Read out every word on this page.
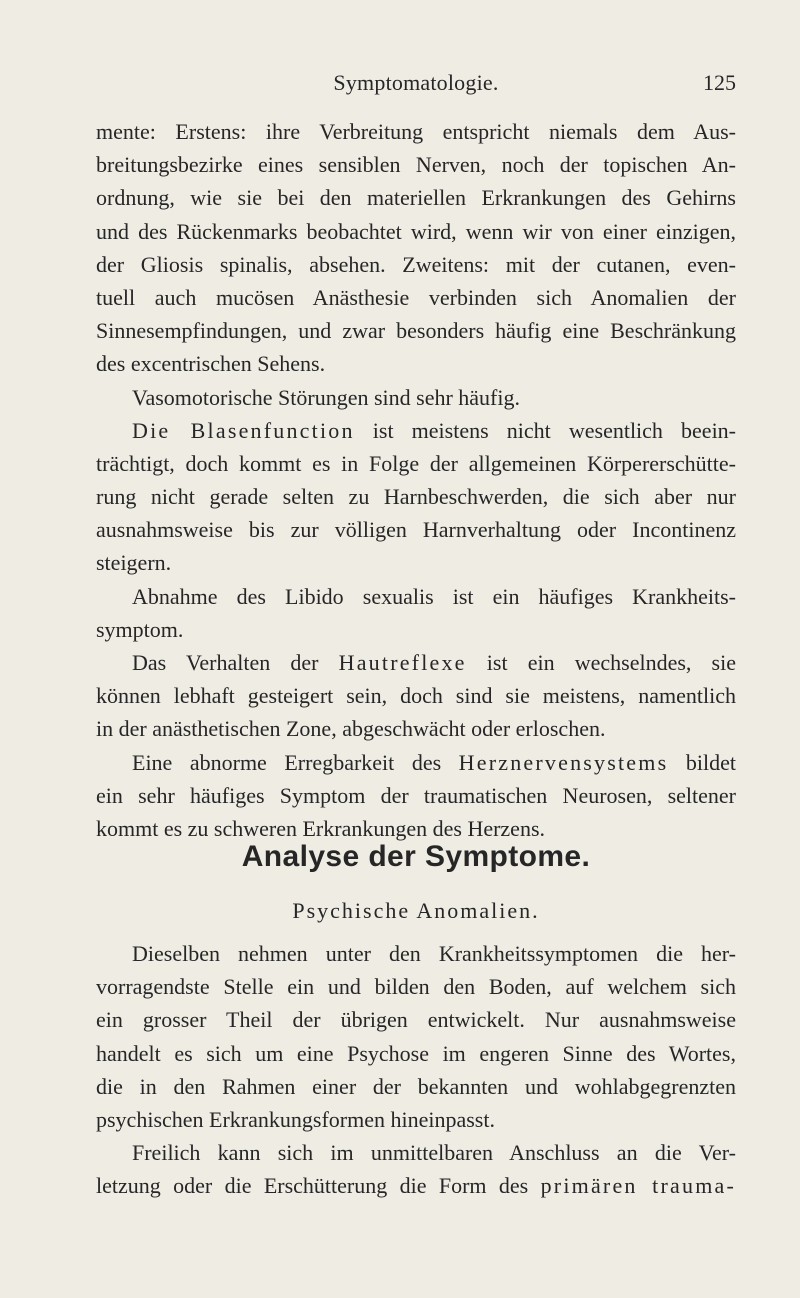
Symptomatologie.	125
mente: Erstens: ihre Verbreitung entspricht niemals dem Aus-
breitungsbezirke eines sensiblen Nerven, noch der topischen An-
ordnung, wie sie bei den materiellen Erkrankungen des Gehirns
und des Rückenmarks beobachtet wird, wenn wir von einer einzigen,
der Gliosis spinalis, absehen. Zweitens: mit der cutanen, even-
tuell auch mucösen Anästhesie verbinden sich Anomalien der
Sinnesempfindungen, und zwar besonders häufig eine Beschränkung
des excentrischen Sehens.
Vasomotorische Störungen sind sehr häufig.
Die Blasenfunction ist meistens nicht wesentlich beein-
trächtigt, doch kommt es in Folge der allgemeinen Körpererschütte-
rung nicht gerade selten zu Harnbeschwerden, die sich aber nur
ausnahmsweise bis zur völligen Harnverhaltung oder Incontinenz
steigern.
Abnahme des Libido sexualis ist ein häufiges Krankheits-
symptom.
Das Verhalten der Hautreflexe ist ein wechselndes, sie
können lebhaft gesteigert sein, doch sind sie meistens, namentlich
in der anästhetischen Zone, abgeschwächt oder erloschen.
Eine abnorme Erregbarkeit des Herznervensystems bildet
ein sehr häufiges Symptom der traumatischen Neurosen, seltener
kommt es zu schweren Erkrankungen des Herzens.
Analyse der Symptome.
Psychische Anomalien.
Dieselben nehmen unter den Krankheitssymptomen die her-
vorragendste Stelle ein und bilden den Boden, auf welchem sich
ein grosser Theil der übrigen entwickelt. Nur ausnahmsweise
handelt es sich um eine Psychose im engeren Sinne des Wortes,
die in den Rahmen einer der bekannten und wohlabgegrenzten
psychischen Erkrankungsformen hineinpasst.
Freilich kann sich im unmittelbaren Anschluss an die Ver-
letzung oder die Erschütterung die Form des primären trauma-
